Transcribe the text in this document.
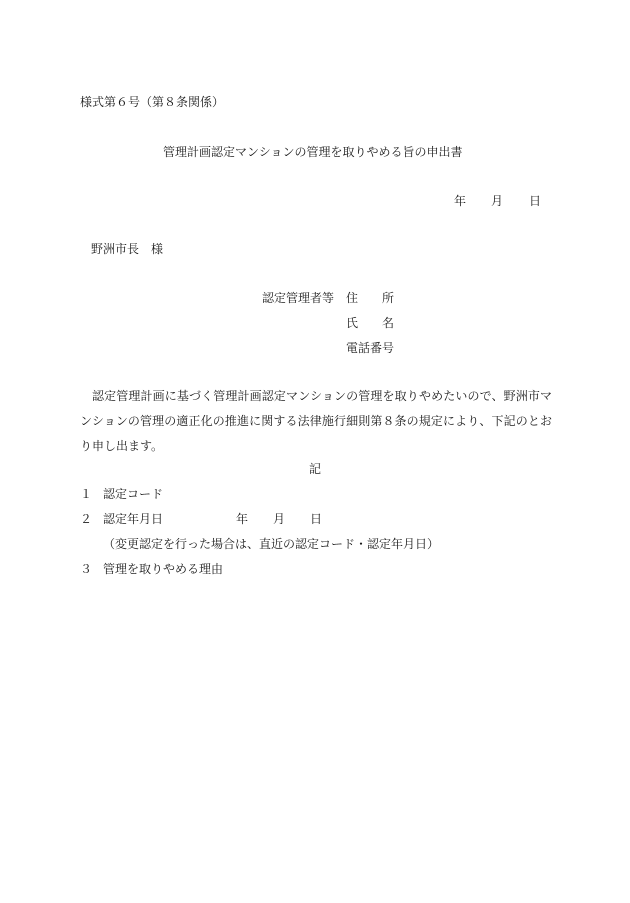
様式第６号（第８条関係）
管理計画認定マンションの管理を取りやめる旨の申出書
年 月 日
野洲市長　様
認定管理者等 住　　所
氏　　名
電話番号
認定管理計画に基づく管理計画認定マンションの管理を取りやめたいので、野洲市マンションの管理の適正化の推進に関する法律施行細則第８条の規定により、下記のとおり申し出ます。
記
１ 認定コード
２ 認定年月日	年 月 日
（変更認定を行った場合は、直近の認定コード・認定年月日）
３ 管理を取りやめる理由
